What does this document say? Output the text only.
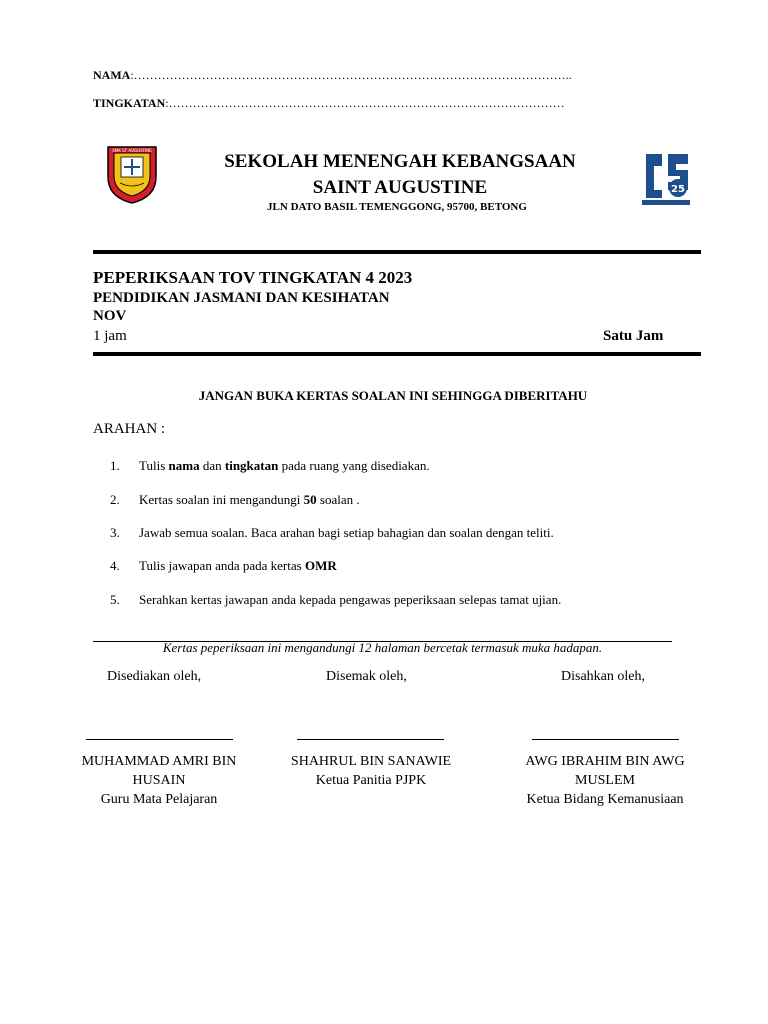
NAMA:………………………………………………………………………………………………..
TINGKATAN:………………………………………………………………………………………
SMK ST AUGUSTINE
25
SEKOLAH MENENGAH KEBANGSAAN
SAINT AUGUSTINE
JLN DATO BASIL TEMENGGONG, 95700, BETONG
PEPERIKSAAN TOV TINGKATAN 4 2023
PENDIDIKAN JASMANI DAN KESIHATAN
NOV
1 jam	Satu Jam
JANGAN BUKA KERTAS SOALAN INI SEHINGGA DIBERITAHU
ARAHAN :
1.	Tulis nama dan tingkatan pada ruang yang disediakan.
2.	Kertas soalan ini mengandungi 50 soalan .
3.	Jawab semua soalan. Baca arahan bagi setiap bahagian dan soalan dengan teliti.
4.	Tulis jawapan anda pada kertas OMR
5.	Serahkan kertas jawapan anda kepada pengawas peperiksaan selepas tamat ujian.
Kertas peperiksaan ini mengandungi 12 halaman bercetak termasuk muka hadapan.
Disediakan oleh,	Disemak oleh,	Disahkan oleh,
MUHAMMAD AMRI BIN
HUSAIN
Guru Mata Pelajaran
SHAHRUL BIN SANAWIE
Ketua Panitia PJPK
AWG IBRAHIM BIN AWG
MUSLEM
Ketua Bidang Kemanusiaan
